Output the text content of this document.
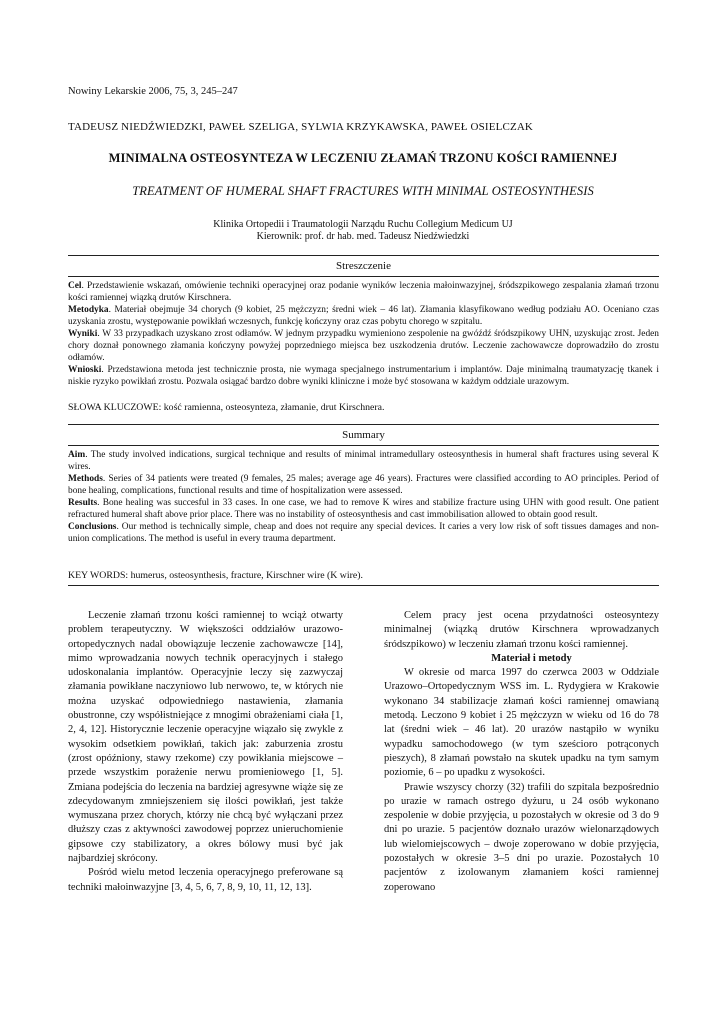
Nowiny Lekarskie 2006, 75, 3, 245–247
TADEUSZ NIEDŹWIEDZKI, PAWEŁ SZELIGA, SYLWIA KRZYKAWSKA, PAWEŁ OSIELCZAK
MINIMALNA OSTEOSYNTEZA W LECZENIU ZŁAMAŃ TRZONU KOŚCI RAMIENNEJ
TREATMENT OF HUMERAL SHAFT FRACTURES WITH MINIMAL OSTEOSYNTHESIS
Klinika Ortopedii i Traumatologii Narządu Ruchu Collegium Medicum UJ
Kierownik: prof. dr hab. med. Tadeusz Niedźwiedzki
Streszczenie

Cel. Przedstawienie wskazań, omówienie techniki operacyjnej oraz podanie wyników leczenia małoinwazyjnej, śródszpikowego zespalania złamań trzonu kości ramiennej wiązką drutów Kirschnera.

Metodyka. Materiał obejmuje 34 chorych (9 kobiet, 25 mężczyzn; średni wiek – 46 lat). Złamania klasyfikowano według podziału AO. Oceniano czas uzyskania zrostu, występowanie powikłań wczesnych, funkcję kończyny oraz czas pobytu chorego w szpitalu.

Wyniki. W 33 przypadkach uzyskano zrost odłamów. W jednym przypadku wymieniono zespolenie na gwóźdź śródszpikowy UHN, uzyskując zrost. Jeden chory doznał ponownego złamania kończyny powyżej poprzedniego miejsca bez uszkodzenia drutów. Leczenie zachowawcze doprowadziło do zrostu odłamów.

Wnioski. Przedstawiona metoda jest technicznie prosta, nie wymaga specjalnego instrumentarium i implantów. Daje minimalną traumatyzację tkanek i niskie ryzyko powikłań zrostu. Pozwala osiągać bardzo dobre wyniki kliniczne i może być stosowana w każdym oddziale urazowym.

SŁOWA KLUCZOWE: kość ramienna, osteosynteza, złamanie, drut Kirschnera.
Summary

Aim. The study involved indications, surgical technique and results of minimal intramedullary osteosynthesis in humeral shaft fractures using several K wires.

Methods. Series of 34 patients were treated (9 females, 25 males; average age 46 years). Fractures were classified according to AO principles. Period of bone healing, complications, functional results and time of hospitalization were assessed.

Results. Bone healing was succesful in 33 cases. In one case, we had to remove K wires and stabilize fracture using UHN with good result. One patient refractured humeral shaft above prior place. There was no instability of osteosynthesis and cast immobilisation allowed to obtain good result.

Conclusions. Our method is technically simple, cheap and does not require any special devices. It caries a very low risk of soft tissues damages and non-union complications. The method is useful in every trauma department.

KEY WORDS: humerus, osteosynthesis, fracture, Kirschner wire (K wire).

Leczenie złamań trzonu kości ramiennej to wciąż otwarty problem terapeutyczny. W większości oddziałów urazowo-ortopedycznych nadal obowiązuje leczenie zachowawcze [14], mimo wprowadzania nowych technik operacyjnych i stałego udoskonalania implantów. Operacyjnie leczy się zazwyczaj złamania powikłane naczyniowo lub nerwowo, te, w których nie można uzyskać odpowiedniego nastawienia, złamania obustronne, czy współistniejące z mnogimi obrażeniami ciała [1, 2, 4, 12]. Historycznie leczenie operacyjne wiązało się zwykle z wysokim odsetkiem powikłań, takich jak: zaburzenia zrostu (zrost opóźniony, stawy rzekome) czy powikłania miejscowe – przede wszystkim porażenie nerwu promieniowego [1, 5]. Zmiana podejścia do leczenia na bardziej agresywne wiąże się ze zdecydowanym zmniejszeniem się ilości powikłań, jest także wymuszana przez chorych, którzy nie chcą być wyłączani przez dłuższy czas z aktywności zawodowej poprzez unieruchomienie gipsowe czy stabilizatory, a okres bólowy musi być jak najbardziej skrócony.

Pośród wielu metod leczenia operacyjnego preferowane są techniki małoinwazyjne [3, 4, 5, 6, 7, 8, 9, 10, 11, 12, 13].

Celem pracy jest ocena przydatności osteosyntezy minimalnej (wiązką drutów Kirschnera wprowadzanych śródszpikowo) w leczeniu złamań trzonu kości ramiennej.

Materiał i metody

W okresie od marca 1997 do czerwca 2003 w Oddziale Urazowo–Ortopedycznym WSS im. L. Rydygiera w Krakowie wykonano 34 stabilizacje złamań kości ramiennej omawianą metodą. Leczono 9 kobiet i 25 mężczyzn w wieku od 16 do 78 lat (średni wiek – 46 lat). 20 urazów nastąpiło w wyniku wypadku samochodowego (w tym sześcioro potrąconych pieszych), 8 złamań powstało na skutek upadku na tym samym poziomie, 6 – po upadku z wysokości.

Prawie wszyscy chorzy (32) trafili do szpitala bezpośrednio po urazie w ramach ostrego dyżuru, u 24 osób wykonano zespolenie w dobie przyjęcia, u pozostałych w okresie od 3 do 9 dni po urazie. 5 pacjentów doznało urazów wielonarządowych lub wielomiejscowych – dwoje zoperowano w dobie przyjęcia, pozostałych w okresie 3–5 dni po urazie. Pozostałych 10 pacjentów z izolowanym złamaniem kości ramiennej zoperowano
